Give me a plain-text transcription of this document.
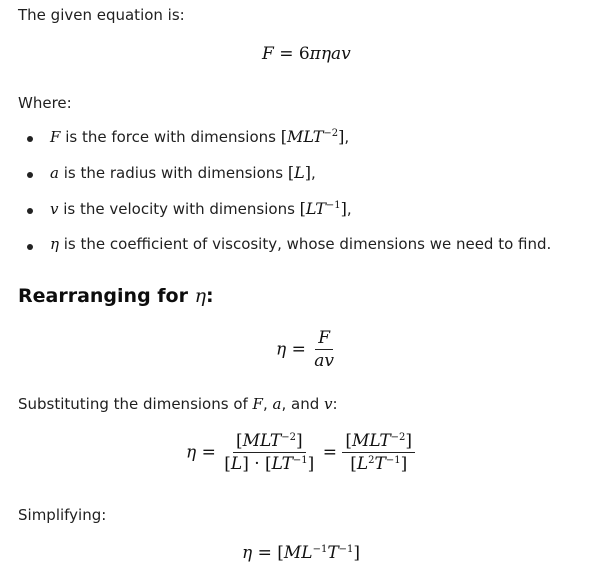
The given equation is:
F = 6πηav
Where:
F is the force with dimensions $[MLT^{-2}]$,
a is the radius with dimensions [L],
v is the velocity with dimensions $[LT^{-1}]$,
η is the coefficient of viscosity, whose dimensions we need to find.
Rearranging for η:
$\eta = \frac{F}{av}$
Substituting the dimensions of F, a, and v:
$\eta = \frac{[MLT^{-2}]}{[L] \cdot [LT^{-1}]} = \frac{[MLT^{-2}]}{[L^2T^{-1}]}$
Simplifying:
$\eta = [ML^{-1}T^{-1}]$
